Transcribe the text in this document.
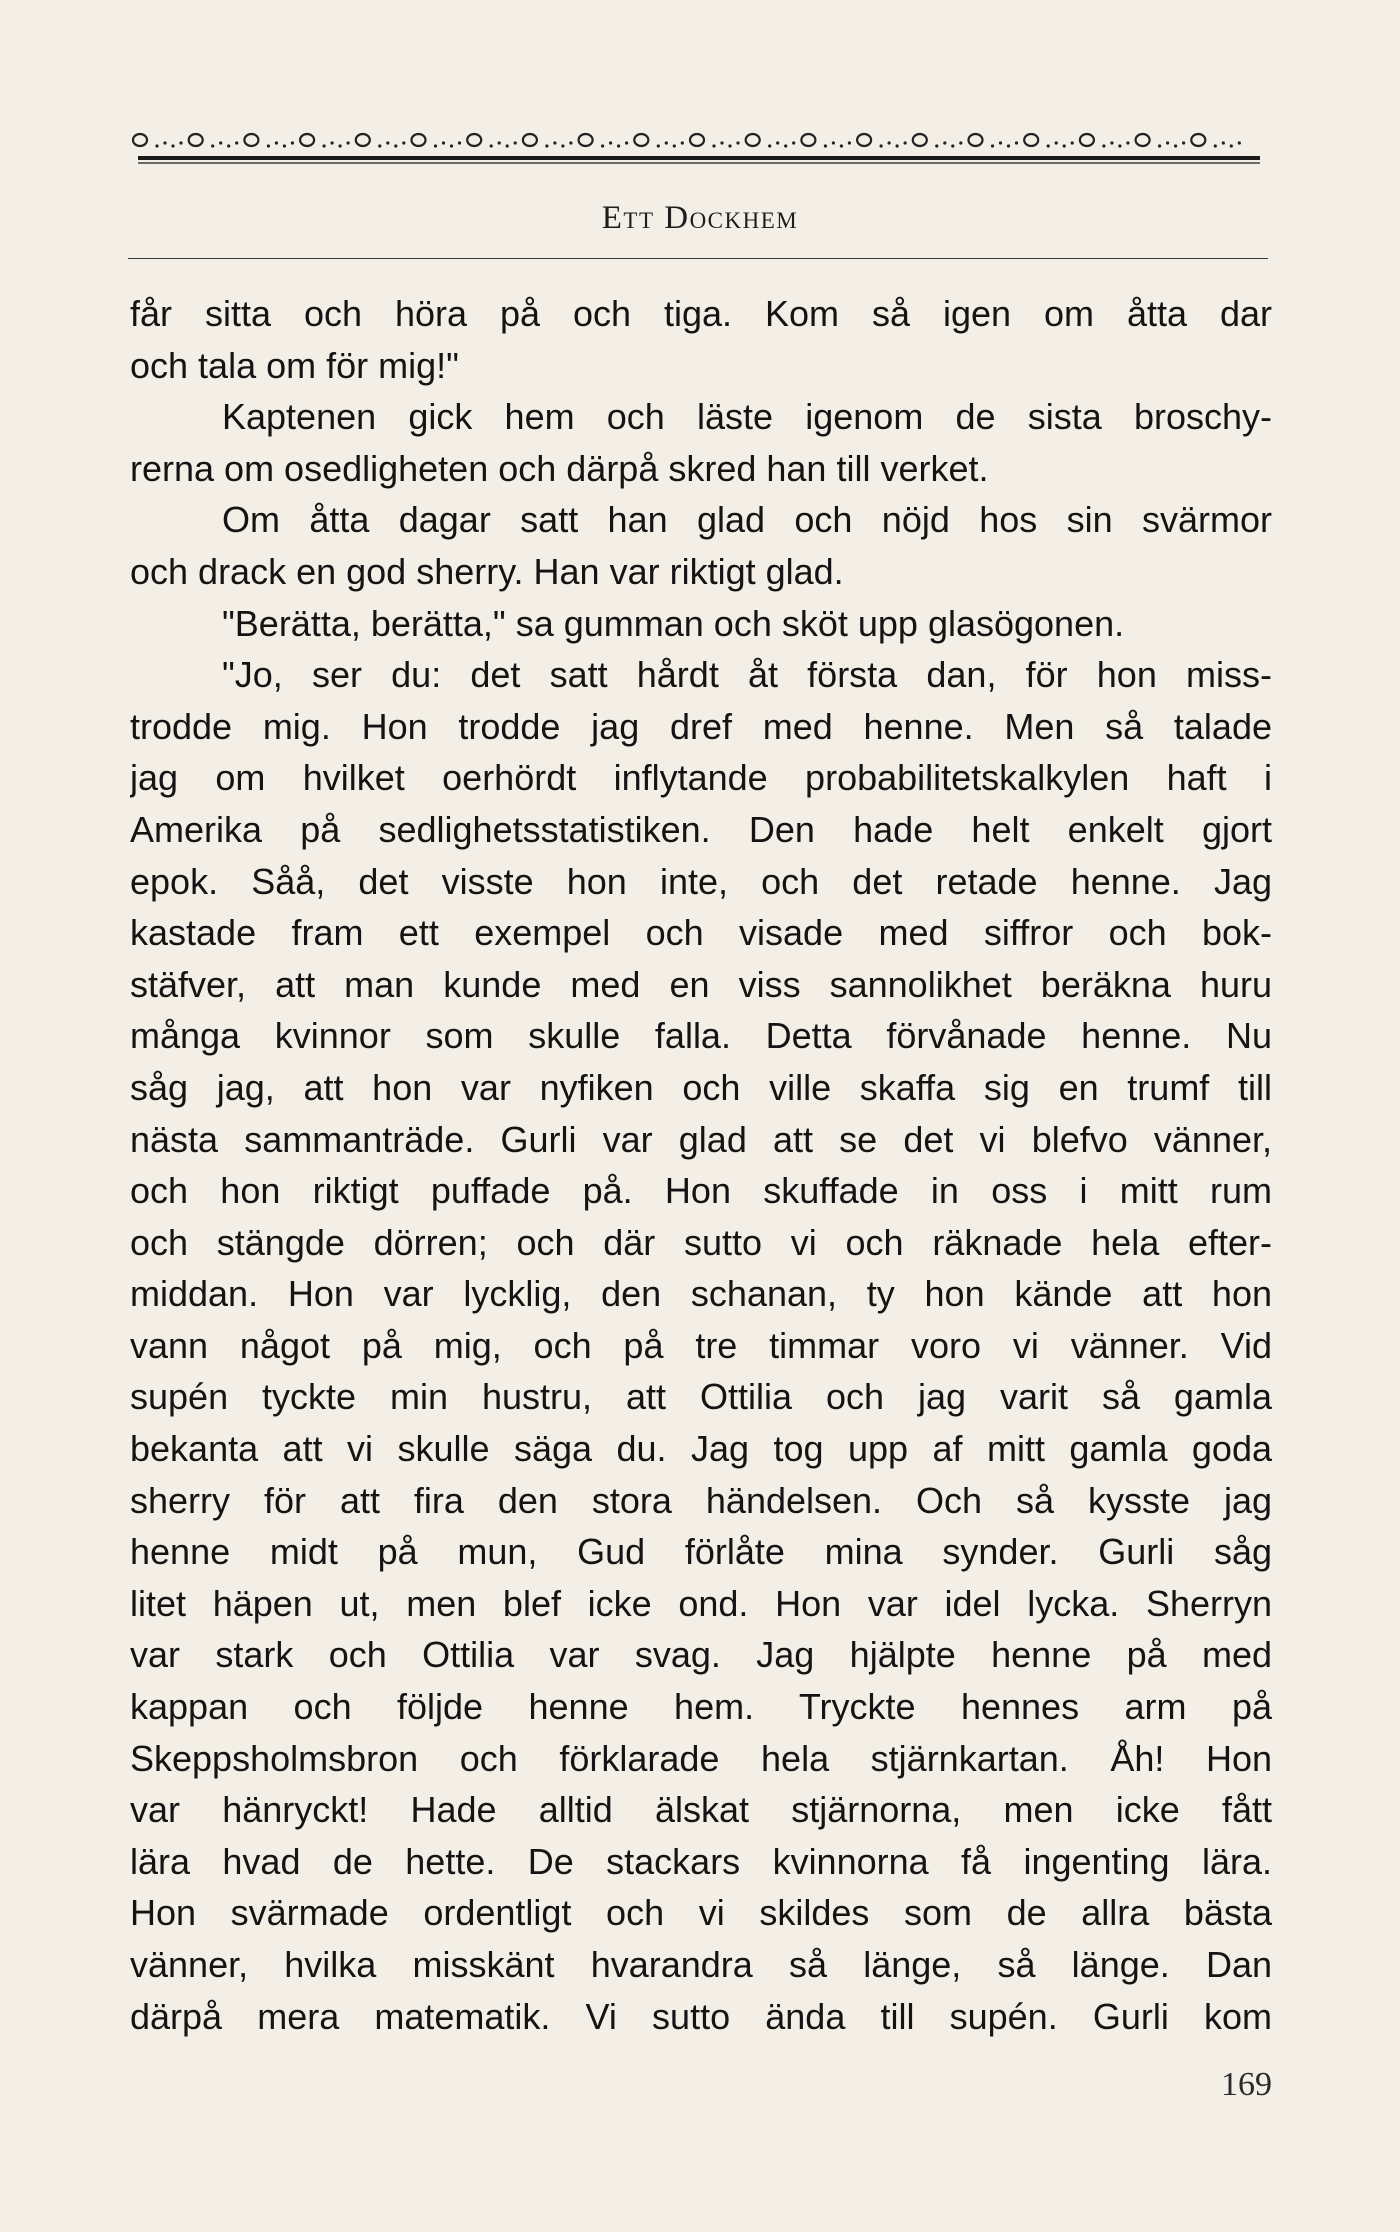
Ett Dockhem
får sitta och höra på och tiga. Kom så igen om åtta dar
och tala om för mig!"
Kaptenen gick hem och läste igenom de sista broschy-
rerna om osedligheten och därpå skred han till verket.
Om åtta dagar satt han glad och nöjd hos sin svärmor
och drack en god sherry. Han var riktigt glad.
"Berätta, berätta," sa gumman och sköt upp glasögonen.
"Jo, ser du: det satt hårdt åt första dan, för hon miss-
trodde mig. Hon trodde jag dref med henne. Men så talade
jag om hvilket oerhördt inflytande probabilitetskalkylen haft i
Amerika på sedlighetsstatistiken. Den hade helt enkelt gjort
epok. Såå, det visste hon inte, och det retade henne. Jag
kastade fram ett exempel och visade med siffror och bok-
stäfver, att man kunde med en viss sannolikhet beräkna huru
många kvinnor som skulle falla. Detta förvånade henne. Nu
såg jag, att hon var nyfiken och ville skaffa sig en trumf till
nästa sammanträde. Gurli var glad att se det vi blefvo vänner,
och hon riktigt puffade på. Hon skuffade in oss i mitt rum
och stängde dörren; och där sutto vi och räknade hela efter-
middan. Hon var lycklig, den schanan, ty hon kände att hon
vann något på mig, och på tre timmar voro vi vänner. Vid
supén tyckte min hustru, att Ottilia och jag varit så gamla
bekanta att vi skulle säga du. Jag tog upp af mitt gamla goda
sherry för att fira den stora händelsen. Och så kysste jag
henne midt på mun, Gud förlåte mina synder. Gurli såg
litet häpen ut, men blef icke ond. Hon var idel lycka. Sherryn
var stark och Ottilia var svag. Jag hjälpte henne på med
kappan och följde henne hem. Tryckte hennes arm på
Skeppsholmsbron och förklarade hela stjärnkartan. Åh! Hon
var hänryckt! Hade alltid älskat stjärnorna, men icke fått
lära hvad de hette. De stackars kvinnorna få ingenting lära.
Hon svärmade ordentligt och vi skildes som de allra bästa
vänner, hvilka misskänt hvarandra så länge, så länge. Dan
därpå mera matematik. Vi sutto ända till supén. Gurli kom
169
